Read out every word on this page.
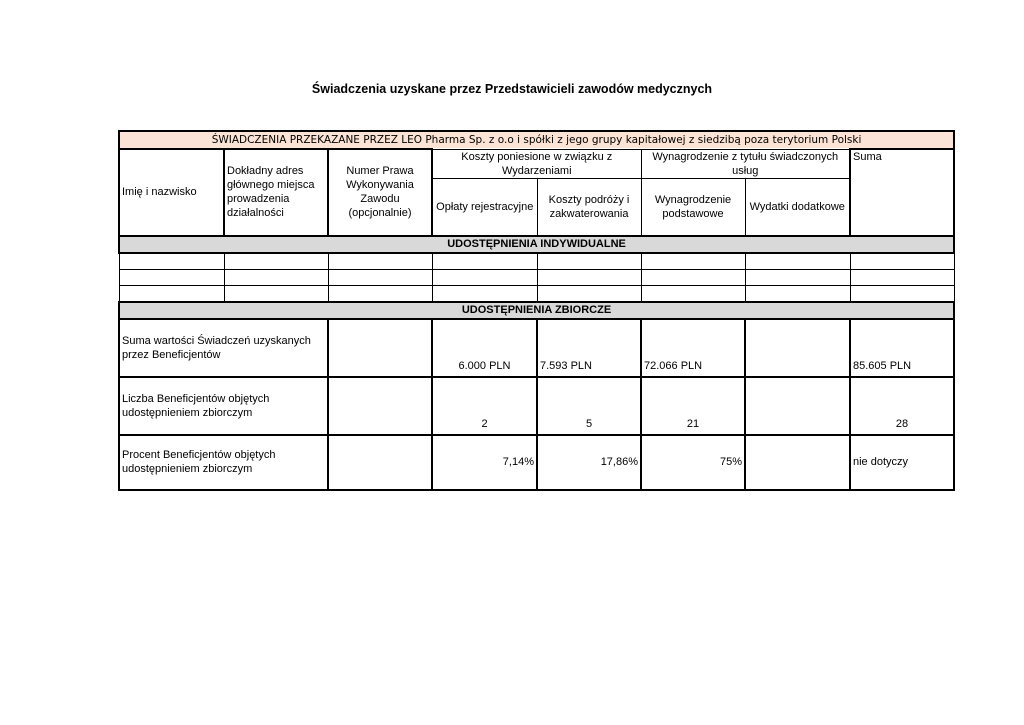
Świadczenia uzyskane przez Przedstawicieli zawodów medycznych
ŚWIADCZENIA PRZEKAZANE PRZEZ LEO Pharma Sp. z o.o i spółki z jego grupy kapitałowej z siedzibą poza terytorium Polski							
Imię i nazwisko	Dokładny adres głównego miejsca prowadzenia działalności	Numer Prawa Wykonywania Zawodu (opcjonalnie)	Koszty poniesione w związku z Wydarzeniami		Wynagrodzenie z tytułu świadczonych usług		Suma
			Opłaty rejestracyjne	Koszty podróży i zakwaterowania	Wynagrodzenie podstawowe	Wydatki dodatkowe	
UDOSTĘPNIENIA INDYWIDUALNE							

UDOSTĘPNIENIA ZBIORCZE							
Suma wartości Świadczeń uzyskanych przez Beneficjentów			6.000 PLN	7.593 PLN	72.066 PLN		85.605 PLN
Liczba Beneficjentów objętych udostępnieniem zbiorczym			2	5	21		28
Procent Beneficjentów objętych udostępnieniem zbiorczym			7,14%	17,86%	75%		nie dotyczy
